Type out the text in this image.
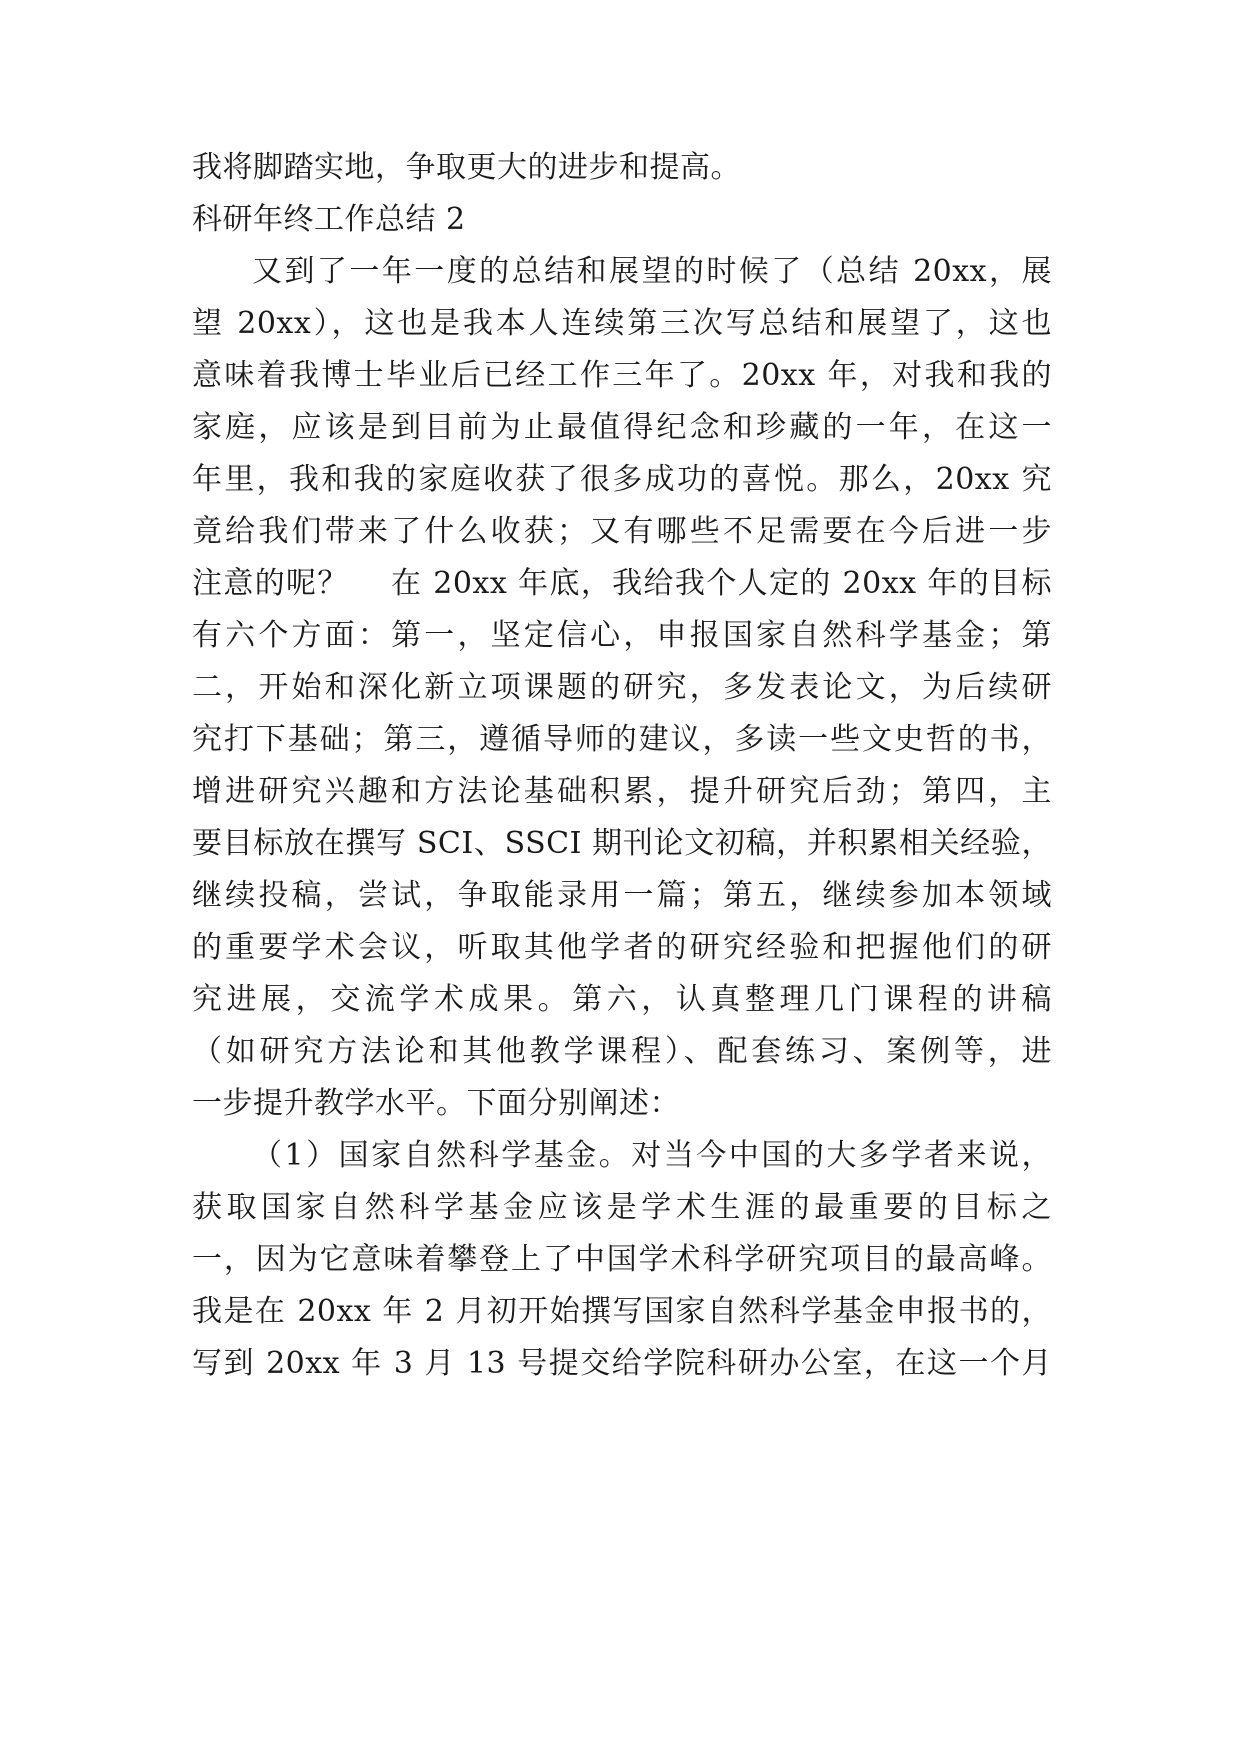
我将脚踏实地，争取更大的进步和提高。
科研年终工作总结 2
又到了一年一度的总结和展望的时候了（总结 20xx，展
望 20xx），这也是我本人连续第三次写总结和展望了，这也
意味着我博士毕业后已经工作三年了。20xx 年，对我和我的
家庭，应该是到目前为止最值得纪念和珍藏的一年，在这一
年里，我和我的家庭收获了很多成功的喜悦。那么，20xx 究
竟给我们带来了什么收获；又有哪些不足需要在今后进一步
注意的呢？　 在 20xx 年底，我给我个人定的 20xx 年的目标
有六个方面：第一，坚定信心，申报国家自然科学基金；第
二，开始和深化新立项课题的研究，多发表论文，为后续研
究打下基础；第三，遵循导师的建议，多读一些文史哲的书，
增进研究兴趣和方法论基础积累，提升研究后劲；第四，主
要目标放在撰写 SCI、SSCI 期刊论文初稿，并积累相关经验，
继续投稿，尝试，争取能录用一篇；第五，继续参加本领域
的重要学术会议，听取其他学者的研究经验和把握他们的研
究进展，交流学术成果。第六，认真整理几门课程的讲稿
（如研究方法论和其他教学课程）、配套练习、案例等，进
一步提升教学水平。下面分别阐述：
（1）国家自然科学基金。对当今中国的大多学者来说，
获取国家自然科学基金应该是学术生涯的最重要的目标之
一，因为它意味着攀登上了中国学术科学研究项目的最高峰。
我是在 20xx 年 2 月初开始撰写国家自然科学基金申报书的，
写到 20xx 年 3 月 13 号提交给学院科研办公室，在这一个月
